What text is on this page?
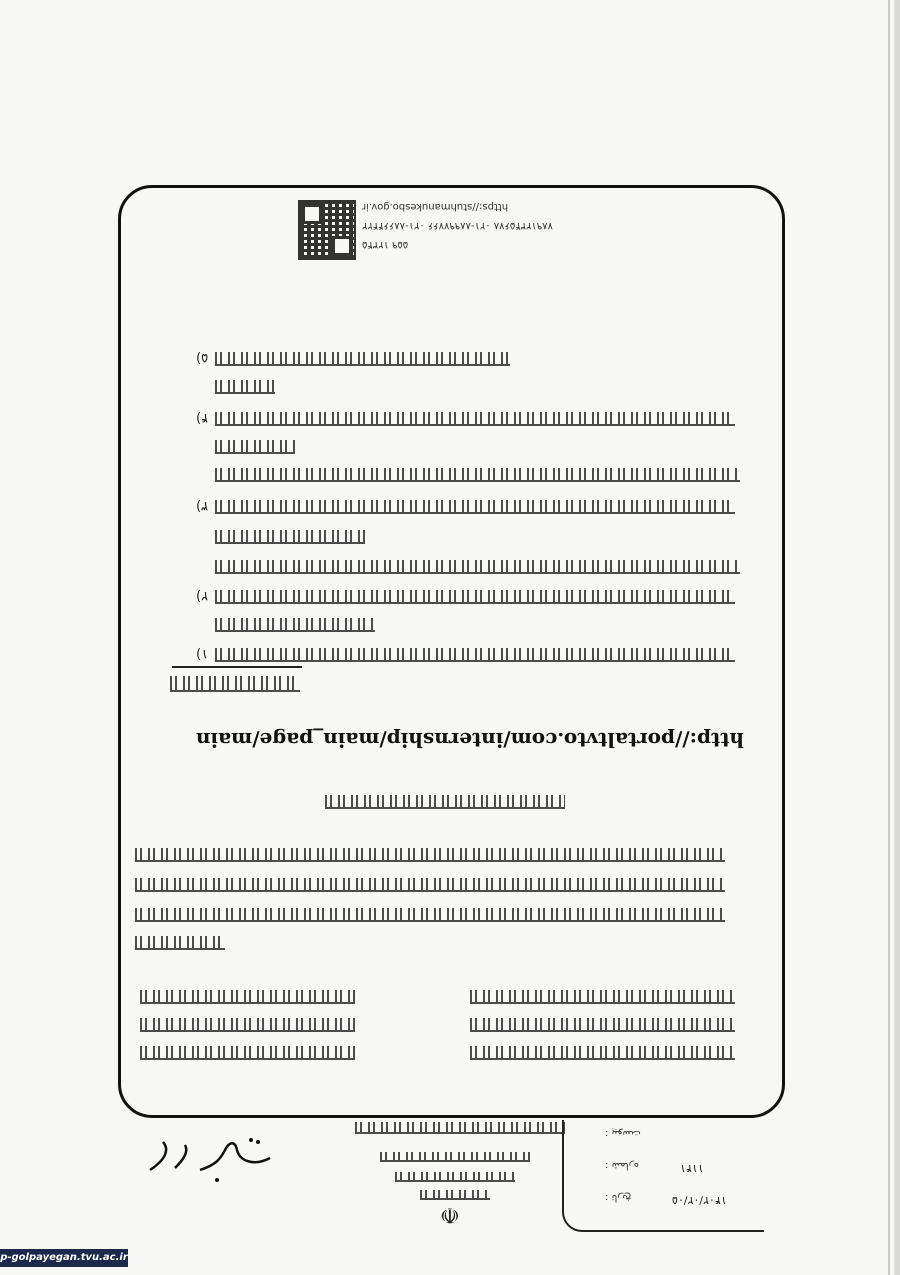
https://stuhmanukesbo.gov.ir
۷۸۹۱۲۳۴۵۶۷۸ ۰۲۱-۸۸۹۹۷۷۶۶ ۰۲۱-۸۸۶۶۴۴۲۲
۵۵۹ ۱۲۳۴۵
۵)
۴)
۳)
۲)
۱)
http://portaltvto.com/internship/main_page/main
☫
پیوست :
شماره :	۱۱۴۱
تاریخ :	۱۴۰۲/۰۲/۰۵
p-golpayegan.tvu.ac.ir
